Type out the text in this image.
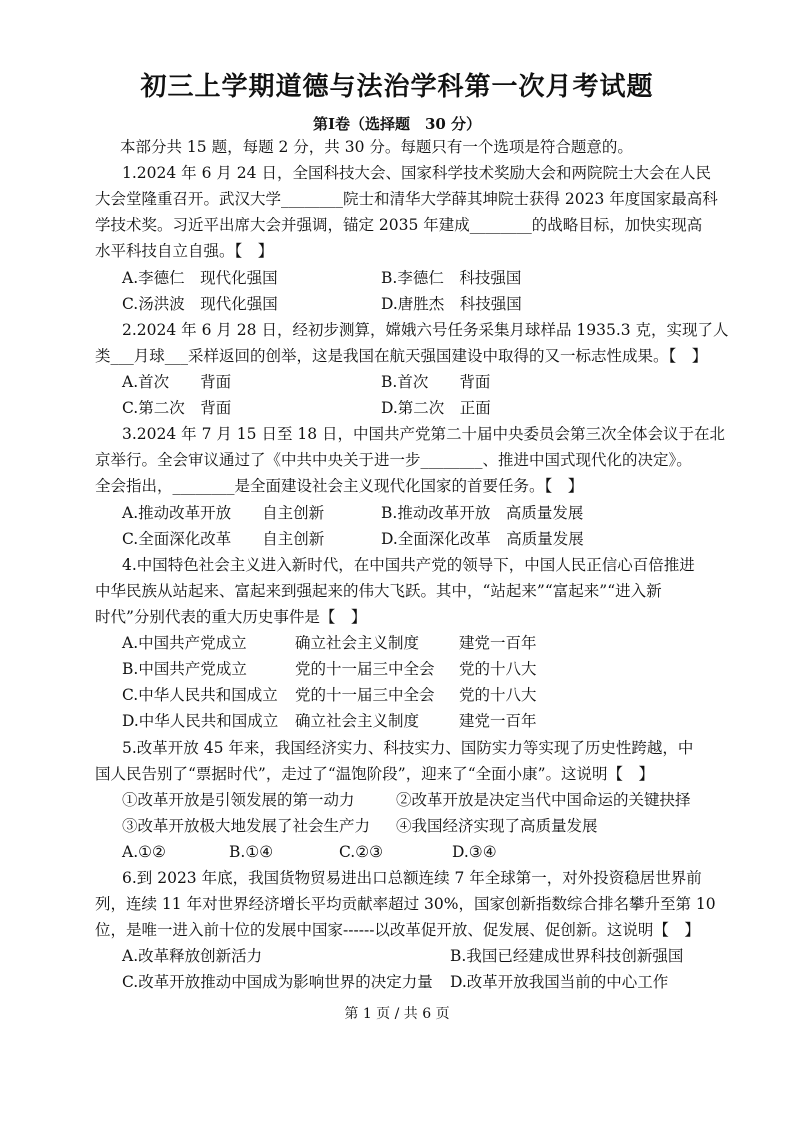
初三上学期道德与法治学科第一次月考试题
第Ⅰ卷（选择题　30 分）
本部分共 15 题，每题 2 分，共 30 分。每题只有一个选项是符合题意的。
1.2024 年 6 月 24 日，全国科技大会、国家科学技术奖励大会和两院院士大会在人民
大会堂隆重召开。武汉大学________院士和清华大学薛其坤院士获得 2023 年度国家最高科
学技术奖。习近平出席大会并强调，锚定 2035 年建成________的战略目标，加快实现高
水平科技自立自强。【　】
A.李德仁　现代化强国	B.李德仁　科技强国
C.汤洪波　现代化强国	D.唐胜杰　科技强国
2.2024 年 6 月 28 日，经初步测算，嫦娥六号任务采集月球样品 1935.3 克，实现了人
类___月球___采样返回的创举，这是我国在航天强国建设中取得的又一标志性成果。【　】
A.首次　　背面	B.首次　　背面
C.第二次　背面	D.第二次　正面
3.2024 年 7 月 15 日至 18 日，中国共产党第二十届中央委员会第三次全体会议于在北
京举行。全会审议通过了《中共中央关于进一步________、推进中国式现代化的决定》。
全会指出，________是全面建设社会主义现代化国家的首要任务。【　】
A.推动改革开放　　自主创新	B.推动改革开放　高质量发展
C.全面深化改革　　自主创新	D.全面深化改革　高质量发展
4.中国特色社会主义进入新时代，在中国共产党的领导下，中国人民正信心百倍推进
中华民族从站起来、富起来到强起来的伟大飞跃。其中，“站起来”“富起来”“进入新
时代”分别代表的重大历史事件是【　】
A.中国共产党成立	确立社会主义制度	建党一百年
B.中国共产党成立	党的十一届三中全会 党的十八大
C.中华人民共和国成立 党的十一届三中全会 党的十八大
D.中华人民共和国成立 确立社会主义制度	建党一百年
5.改革开放 45 年来，我国经济实力、科技实力、国防实力等实现了历史性跨越，中
国人民告别了“票据时代”，走过了“温饱阶段”，迎来了“全面小康”。这说明【　】
①改革开放是引领发展的第一动力	②改革开放是决定当代中国命运的关键抉择
③改革开放极大地发展了社会生产力 ④我国经济实现了高质量发展
A.①②	B.①④	C.②③	D.③④
6.到 2023 年底，我国货物贸易进出口总额连续 7 年全球第一，对外投资稳居世界前
列，连续 11 年对世界经济增长平均贡献率超过 30%，国家创新指数综合排名攀升至第 10
位，是唯一进入前十位的发展中国家------以改革促开放、促发展、促创新。这说明【　】
A.改革释放创新活力	B.我国已经建成世界科技创新强国
C.改革开放推动中国成为影响世界的决定力量 D.改革开放我国当前的中心工作
第 1 页 / 共 6 页
